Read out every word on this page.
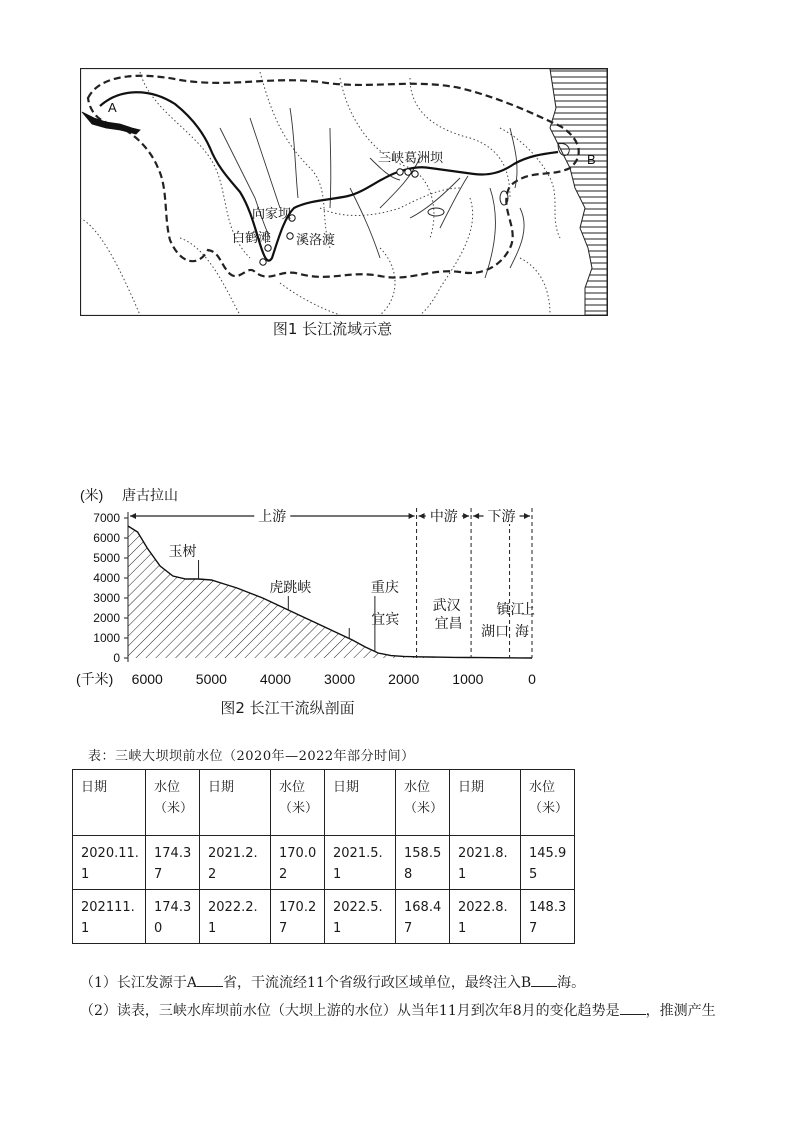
A
B
三峡葛洲坝
向家坝
白鹤滩 溪洛渡
图1 长江流域示意
7000
6000
5000
4000
3000
2000
1000
0
6000 5000 4000 3000 2000 1000	0
(千米)
(米) 唐古拉山
上游	中游 下游
玉树
虎跳峡
宜宾
重庆
宜昌
武汉
湖口
镇江
上
海
图2 长江干流纵剖面
表：三峡大坝坝前水位（2020年—2022年部分时间）
日期	水位（米）	日期	水位（米）	日期	水位（米）	日期	水位（米）
2020.11.1	174.37	2021.2.2	170.02	2021.5.1	158.58	2021.8.1	145.95
202111.1	174.30	2022.2.1	170.27	2022.5.1	168.47	2022.8.1	148.37
（1）长江发源于A 省，干流流经11个省级行政区域单位，最终注入B 海。
（2）读表，三峡水库坝前水位（大坝上游的水位）从当年11月到次年8月的变化趋势是 ，推测产生
